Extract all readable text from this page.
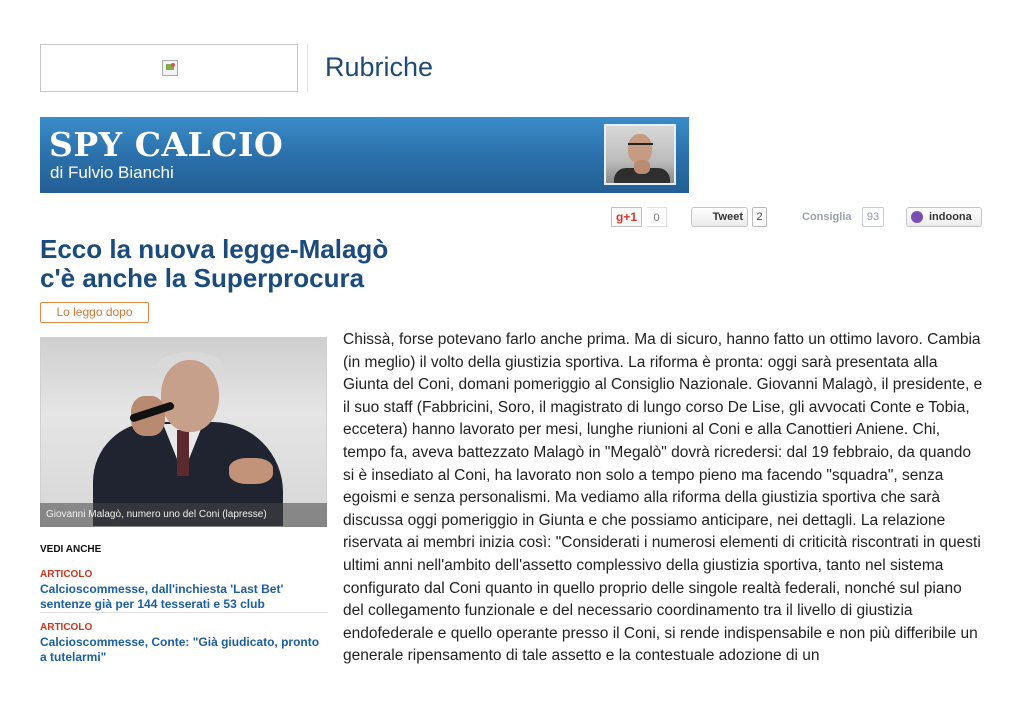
Rubriche
SPY CALCIO
di Fulvio Bianchi
g+1	0	Tweet	2	Consiglia	93	indoona
Ecco la nuova legge-Malagò
c'è anche la Superprocura
Lo leggo dopo
Giovanni Malagò, numero uno del Coni (lapresse)
VEDI ANCHE
ARTICOLO
Calcioscommesse, dall'inchiesta 'Last Bet' sentenze già per 144 tesserati e 53 club
ARTICOLO
Calcioscommesse, Conte: "Già giudicato, pronto a tutelarmi"
Chissà, forse potevano farlo anche prima. Ma di sicuro, hanno fatto un ottimo lavoro. Cambia (in meglio) il volto della giustizia sportiva. La riforma è pronta: oggi sarà presentata alla Giunta del Coni, domani pomeriggio al Consiglio Nazionale. Giovanni Malagò, il presidente, e il suo staff (Fabbricini, Soro, il magistrato di lungo corso De Lise, gli avvocati Conte e Tobia, eccetera) hanno lavorato per mesi, lunghe riunioni al Coni e alla Canottieri Aniene. Chi, tempo fa, aveva battezzato Malagò in "Megalò" dovrà ricredersi: dal 19 febbraio, da quando si è insediato al Coni, ha lavorato non solo a tempo pieno ma facendo "squadra", senza egoismi e senza personalismi. Ma vediamo alla riforma della giustizia sportiva che sarà discussa oggi pomeriggio in Giunta e che possiamo anticipare, nei dettagli. La relazione riservata ai membri inizia così: "Considerati i numerosi elementi di criticità riscontrati in questi ultimi anni nell'ambito dell'assetto complessivo della giustizia sportiva, tanto nel sistema configurato dal Coni quanto in quello proprio delle singole realtà federali, nonché sul piano del collegamento funzionale e del necessario coordinamento tra il livello di giustizia endofederale e quello operante presso il Coni, si rende indispensabile e non più differibile un generale ripensamento di tale assetto e la contestuale adozione di un
